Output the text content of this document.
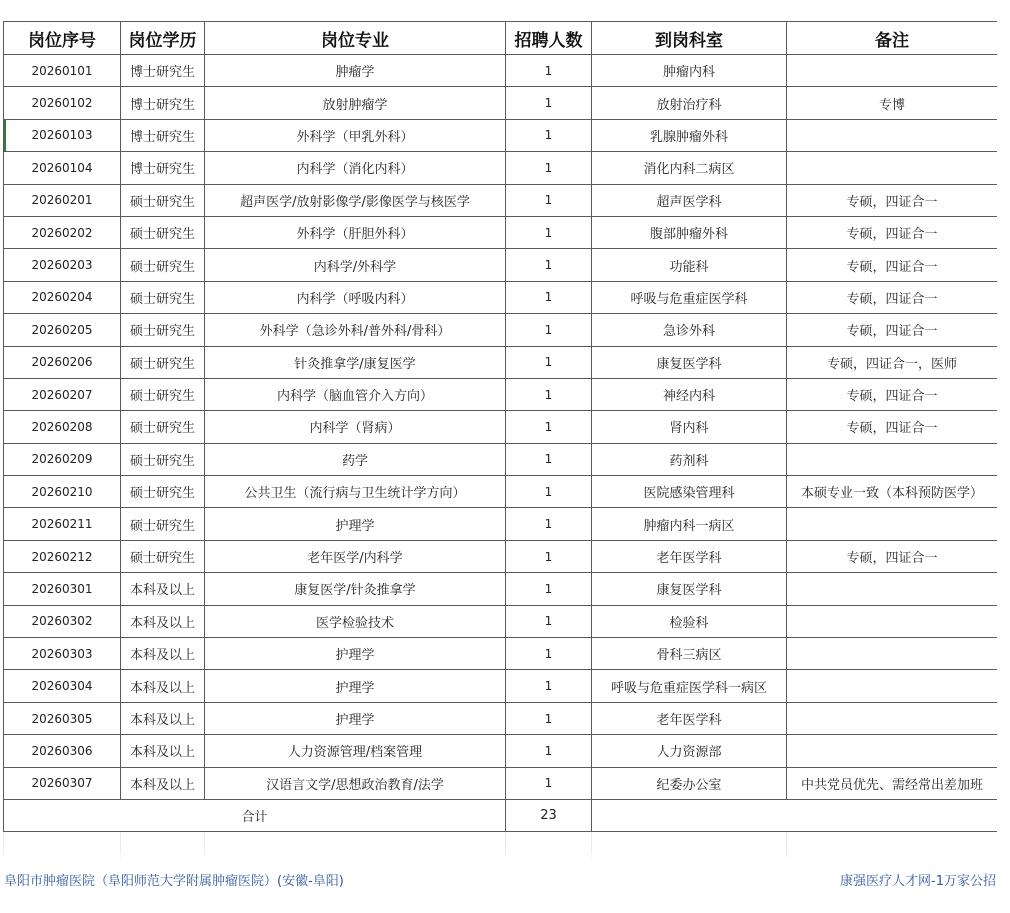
岗位序号	岗位学历	岗位专业	招聘人数	到岗科室	备注
20260101	博士研究生	肿瘤学	1	肿瘤内科	
20260102	博士研究生	放射肿瘤学	1	放射治疗科	专博
20260103	博士研究生	外科学（甲乳外科）	1	乳腺肿瘤外科	
20260104	博士研究生	内科学（消化内科）	1	消化内科二病区	
20260201	硕士研究生	超声医学/放射影像学/影像医学与核医学	1	超声医学科	专硕，四证合一
20260202	硕士研究生	外科学（肝胆外科）	1	腹部肿瘤外科	专硕，四证合一
20260203	硕士研究生	内科学/外科学	1	功能科	专硕，四证合一
20260204	硕士研究生	内科学（呼吸内科）	1	呼吸与危重症医学科	专硕，四证合一
20260205	硕士研究生	外科学（急诊外科/普外科/骨科）	1	急诊外科	专硕，四证合一
20260206	硕士研究生	针灸推拿学/康复医学	1	康复医学科	专硕，四证合一，医师
20260207	硕士研究生	内科学（脑血管介入方向）	1	神经内科	专硕，四证合一
20260208	硕士研究生	内科学（肾病）	1	肾内科	专硕，四证合一
20260209	硕士研究生	药学	1	药剂科	
20260210	硕士研究生	公共卫生（流行病与卫生统计学方向）	1	医院感染管理科	本硕专业一致（本科预防医学）
20260211	硕士研究生	护理学	1	肿瘤内科一病区	
20260212	硕士研究生	老年医学/内科学	1	老年医学科	专硕，四证合一
20260301	本科及以上	康复医学/针灸推拿学	1	康复医学科	
20260302	本科及以上	医学检验技术	1	检验科	
20260303	本科及以上	护理学	1	骨科三病区	
20260304	本科及以上	护理学	1	呼吸与危重症医学科一病区	
20260305	本科及以上	护理学	1	老年医学科	
20260306	本科及以上	人力资源管理/档案管理	1	人力资源部	
20260307	本科及以上	汉语言文学/思想政治教育/法学	1	纪委办公室	中共党员优先、需经常出差加班
合计			23		

阜阳市肿瘤医院（阜阳师范大学附属肿瘤医院）(安徽-阜阳)	康强医疗人才网-1万家公招
